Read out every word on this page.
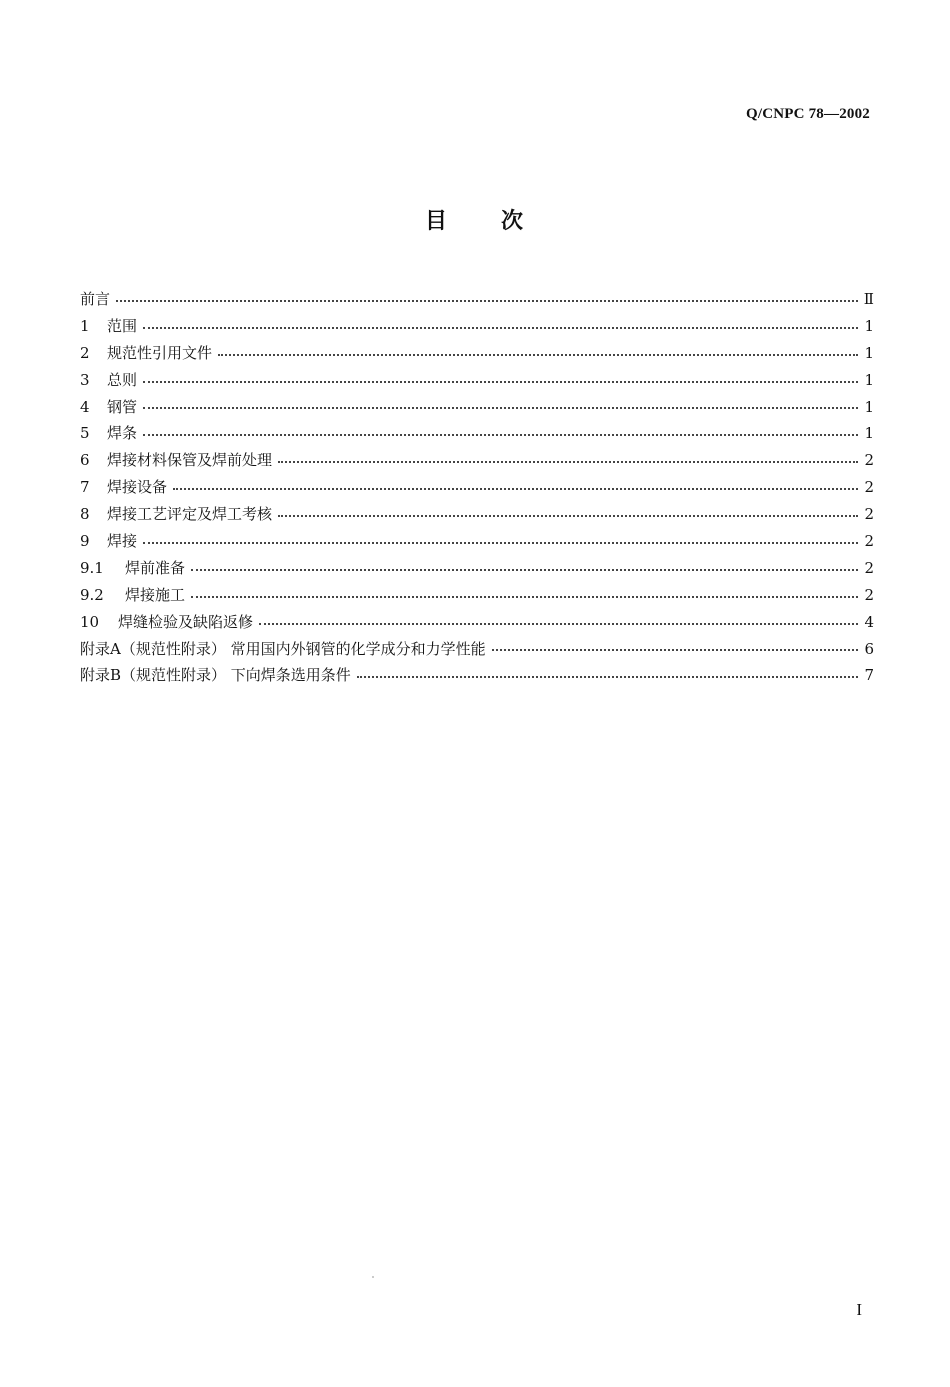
Q/CNPC 78—2002
目 次
前言	Ⅱ
1	范围	1
2	规范性引用文件	1
3	总则	1
4	钢管	1
5	焊条	1
6	焊接材料保管及焊前处理	2
7	焊接设备	2
8	焊接工艺评定及焊工考核	2
9	焊接	2
9.1	焊前准备	2
9.2	焊接施工	2
10	焊缝检验及缺陷返修	4
附录A（规范性附录） 常用国内外钢管的化学成分和力学性能	6
附录B（规范性附录） 下向焊条选用条件	7
I
